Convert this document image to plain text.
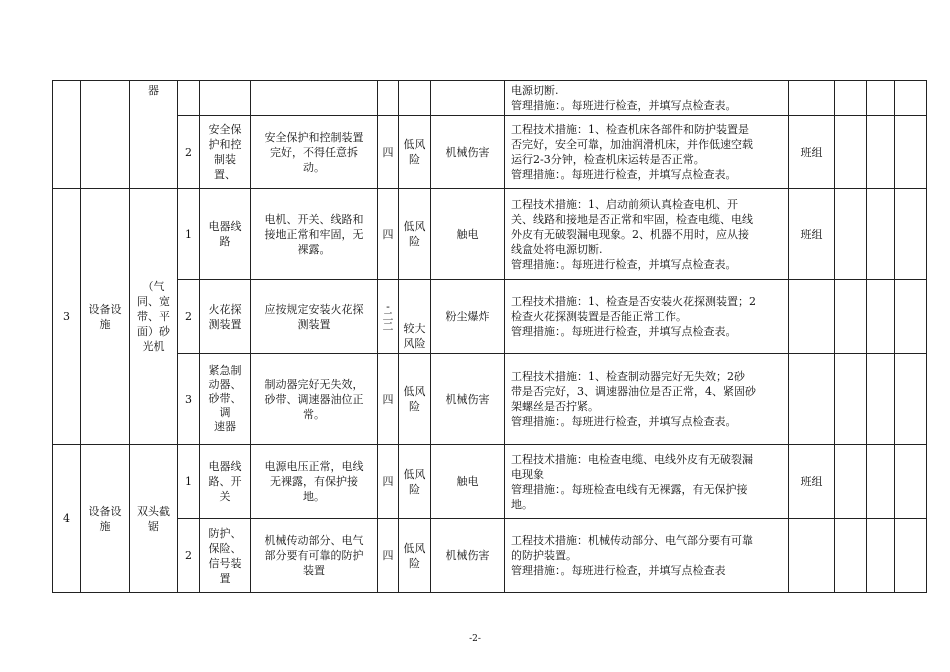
		器							电源切断.
管理措施：。每班进行检查，并填写点检查表。				
			2	安全保
护和控
制装
置、	安全保护和控制装置
完好，不得任意拆
动。	四	低风
险	机械伤害	工程技术措施：1、检查机床各部件和防护装置是
否完好，安全可靠，加油润滑机床，并作低速空载
运行2-3分钟，检查机床运转是否正常。
管理措施：。每班进行检查，并填写点检查表。	班组			
3	设备设
施	（气
同、宽
带、平
面）砂
光机	1	电器线
路	电机、开关、线路和
接地正常和牢固，无
裸露。	四	低风
险	触电	工程技术措施：1、启动前须认真检查电机、开
关、线路和接地是否正常和牢固，检查电缆、电线
外皮有无破裂漏电现象。2、机器不用时，应从接
线盒处将电源切断.
管理措施：。每班进行检查，并填写点检查表。	班组			
			2	火花探
测装置	应按规定安装火花探
测装置	-
二
二	较大
风险	粉尘爆炸	工程技术措施：1、检查是否安装火花探测装置；2
检查火花探测装置是否能正常工作。
管理措施：。每班进行检查，并填写点检查表。				
			3	紧急制
动器、
砂带、
调
速器	制动器完好无失效，
砂带、调速器油位正
常。	四	低风
险	机械伤害	工程技术措施：1、检查制动器完好无失效；2砂
带是否完好，3、调速器油位是否正常，4、紧固砂
架螺丝是否拧紧。
管理措施：。每班进行检查，并填写点检查表。				
4	设备设
施	双头截
锯	1	电器线
路、开
关	电源电压正常，电线
无裸露，有保护接
地。	四	低风
险	触电	工程技术措施：电检查电缆、电线外皮有无破裂漏
电现象
管理措施：。每班检查电线有无裸露，有无保护接
地。	班组			
			2	防护、
保险、
信号装
置	机械传动部分、电气
部分要有可靠的防护
装置	四	低风
险	机械伤害	工程技术措施：机械传动部分、电气部分要有可靠
的防护装置。
管理措施：。每班进行检查，并填写点检查表				
-2-
